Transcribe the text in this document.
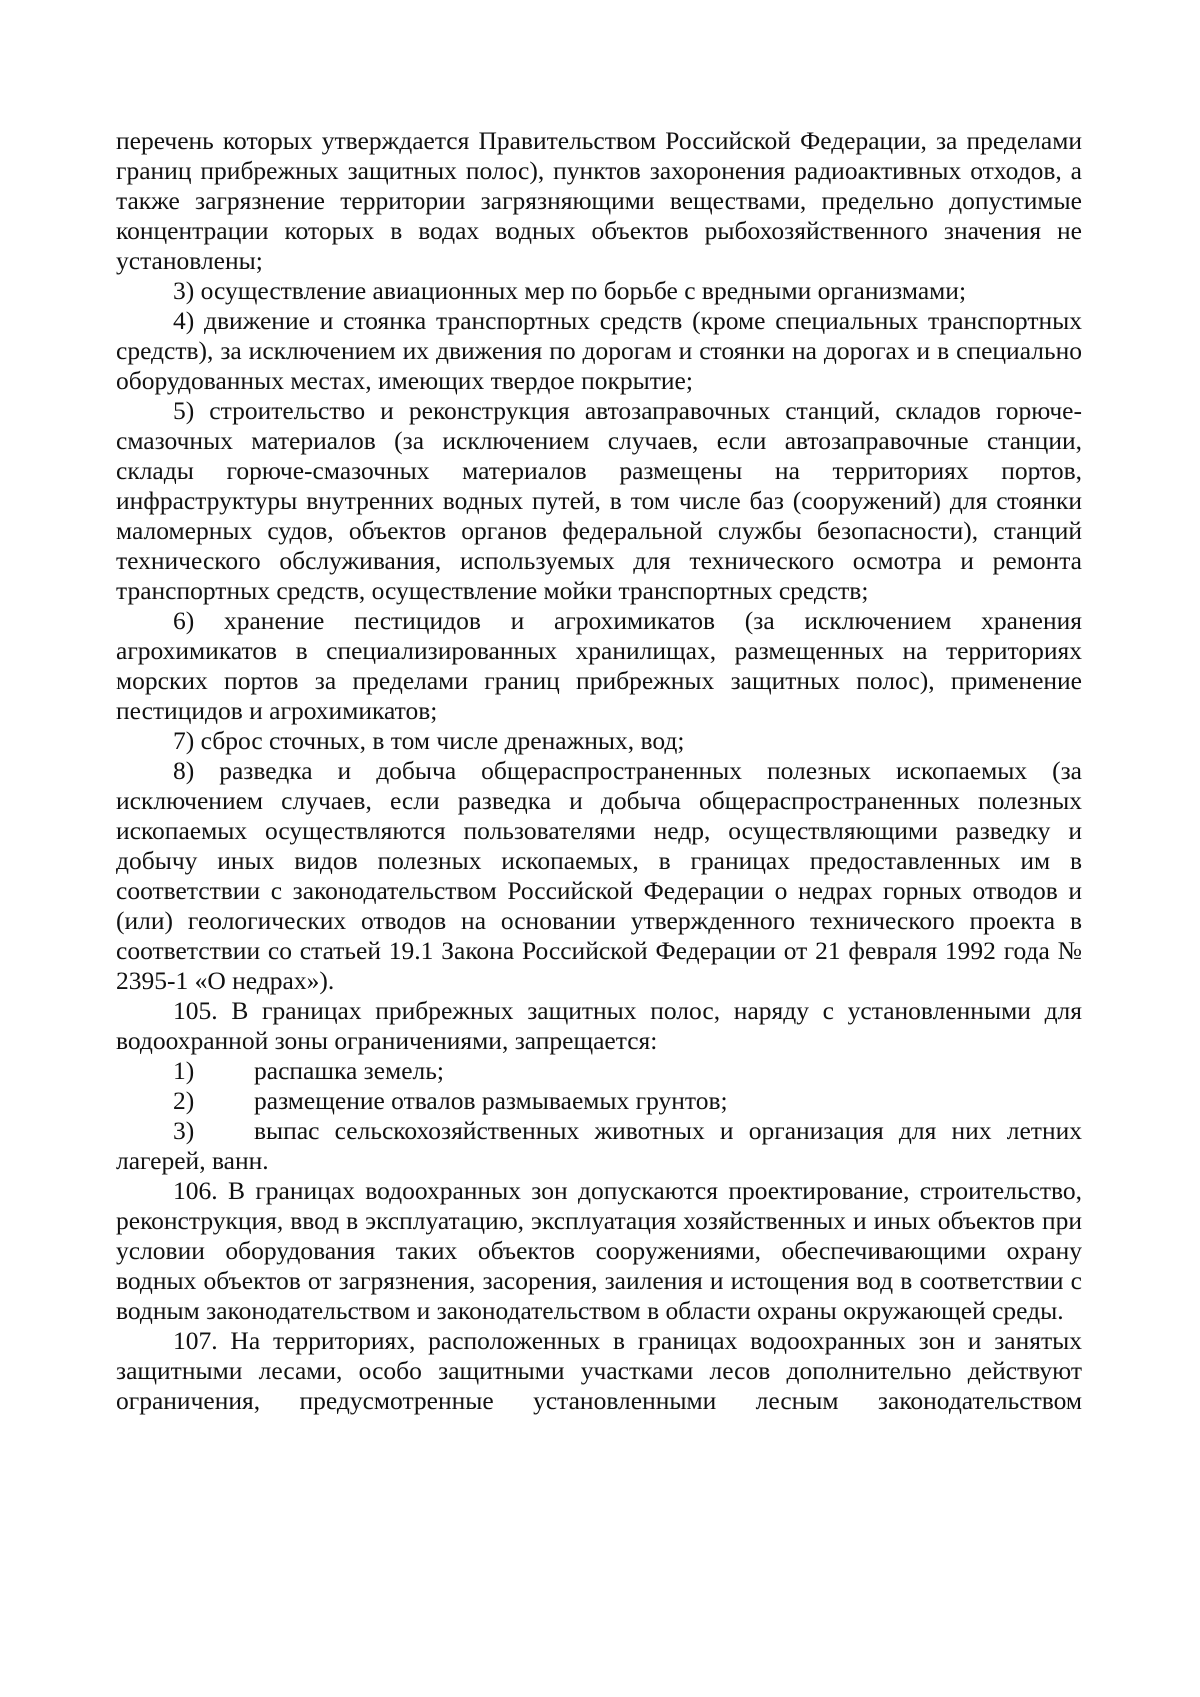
перечень которых утверждается Правительством Российской Федерации, за пределами границ прибрежных защитных полос), пунктов захоронения радиоактивных отходов, а также загрязнение территории загрязняющими веществами, предельно допустимые концентрации которых в водах водных объектов рыбохозяйственного значения не установлены;

3) осуществление авиационных мер по борьбе с вредными организмами;

4) движение и стоянка транспортных средств (кроме специальных транспортных средств), за исключением их движения по дорогам и стоянки на дорогах и в специально оборудованных местах, имеющих твердое покрытие;

5) строительство и реконструкция автозаправочных станций, складов горюче-смазочных материалов (за исключением случаев, если автозаправочные станции, склады горюче-смазочных материалов размещены на территориях портов, инфраструктуры внутренних водных путей, в том числе баз (сооружений) для стоянки маломерных судов, объектов органов федеральной службы безопасности), станций технического обслуживания, используемых для технического осмотра и ремонта транспортных средств, осуществление мойки транспортных средств;

6) хранение пестицидов и агрохимикатов (за исключением хранения агрохимикатов в специализированных хранилищах, размещенных на территориях морских портов за пределами границ прибрежных защитных полос), применение пестицидов и агрохимикатов;

7) сброс сточных, в том числе дренажных, вод;

8) разведка и добыча общераспространенных полезных ископаемых (за исключением случаев, если разведка и добыча общераспространенных полезных ископаемых осуществляются пользователями недр, осуществляющими разведку и добычу иных видов полезных ископаемых, в границах предоставленных им в соответствии с законодательством Российской Федерации о недрах горных отводов и (или) геологических отводов на основании утвержденного технического проекта в соответствии со статьей 19.1 Закона Российской Федерации от 21 февраля 1992 года № 2395-1 «О недрах»).

105. В границах прибрежных защитных полос, наряду с установленными для водоохранной зоны ограничениями, запрещается:

1)	распашка земель;
2)	размещение отвалов размываемых грунтов;
3)	выпас сельскохозяйственных животных и организация для них летних

лагерей, ванн.

106. В границах водоохранных зон допускаются проектирование, строительство, реконструкция, ввод в эксплуатацию, эксплуатация хозяйственных и иных объектов при условии оборудования таких объектов сооружениями, обеспечивающими охрану водных объектов от загрязнения, засорения, заиления и истощения вод в соответствии с водным законодательством и законодательством в области охраны окружающей среды.

107. На территориях, расположенных в границах водоохранных зон и занятых защитными лесами, особо защитными участками лесов дополнительно действуют ограничения, предусмотренные установленными лесным законодательством
